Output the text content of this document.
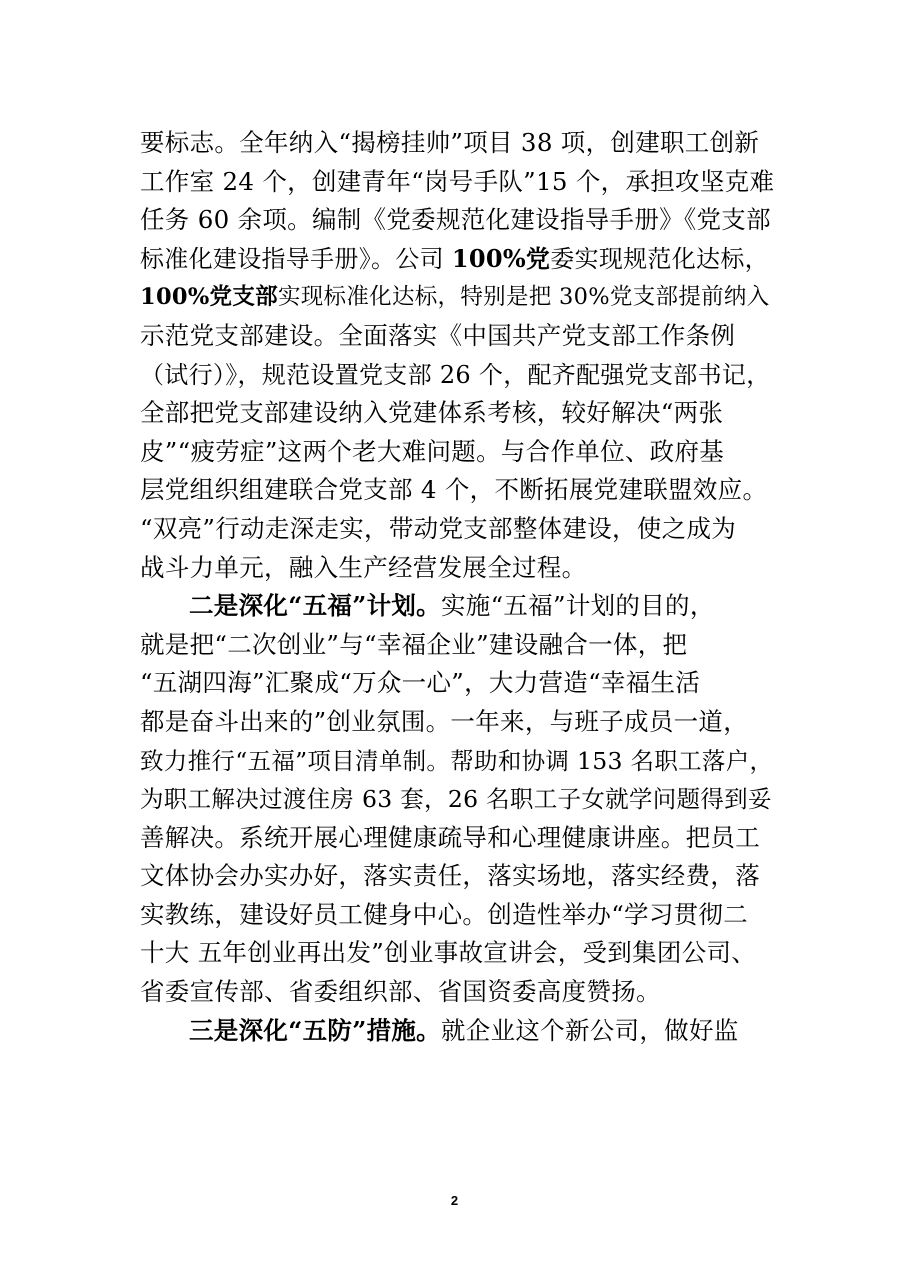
要标志。全年纳入“揭榜挂帅”项目 38 项，创建职工创新
工作室 24 个，创建青年“岗号手队”15 个，承担攻坚克难
任务 60 余项。编制《党委规范化建设指导手册》《党支部
标准化建设指导手册》。公司 100%党委实现规范化达标，
100%党支部实现标准化达标，特别是把 30%党支部提前纳入
示范党支部建设。全面落实《中国共产党支部工作条例
（试行）》，规范设置党支部 26 个，配齐配强党支部书记，
全部把党支部建设纳入党建体系考核，较好解决“两张
皮”“疲劳症”这两个老大难问题。与合作单位、政府基
层党组织组建联合党支部 4 个，不断拓展党建联盟效应。
“双亮”行动走深走实，带动党支部整体建设，使之成为
战斗力单元，融入生产经营发展全过程。
二是深化“五福”计划。实施“五福”计划的目的，
就是把“二次创业”与“幸福企业”建设融合一体，把
“五湖四海”汇聚成“万众一心”，大力营造“幸福生活
都是奋斗出来的”创业氛围。一年来，与班子成员一道，
致力推行“五福”项目清单制。帮助和协调 153 名职工落户，
为职工解决过渡住房 63 套，26 名职工子女就学问题得到妥
善解决。系统开展心理健康疏导和心理健康讲座。把员工
文体协会办实办好，落实责任，落实场地，落实经费，落
实教练，建设好员工健身中心。创造性举办“学习贯彻二
十大 五年创业再出发”创业事故宣讲会，受到集团公司、
省委宣传部、省委组织部、省国资委高度赞扬。
三是深化“五防”措施。就企业这个新公司，做好监
2
